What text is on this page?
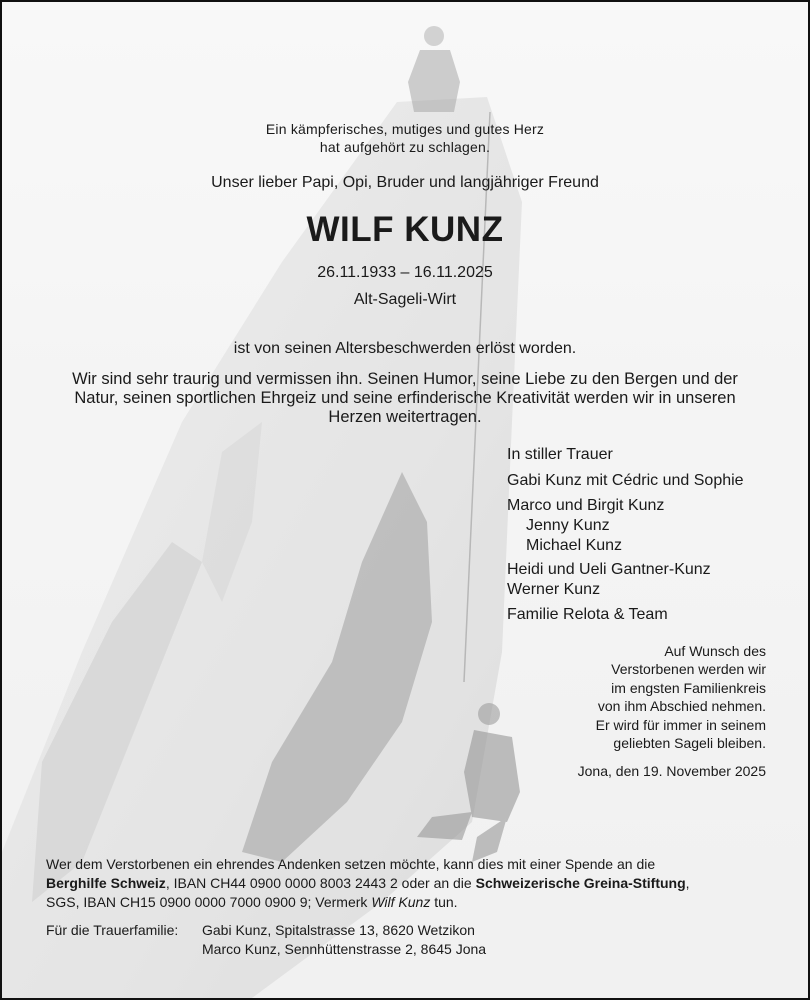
Ein kämpferisches, mutiges und gutes Herz

hat aufgehört zu schlagen.

Unser lieber Papi, Opi, Bruder und langjähriger Freund

WILF KUNZ

26.11.1933 – 16.11.2025

Alt-Sageli-Wirt

ist von seinen Altersbeschwerden erlöst worden.

Wir sind sehr traurig und vermissen ihn. Seinen Humor, seine Liebe zu den Bergen und der

Natur, seinen sportlichen Ehrgeiz und seine erfinderische Kreativität werden wir in unseren

Herzen weitertragen.

In stiller Trauer

Gabi Kunz mit Cédric und Sophie

Marco und Birgit Kunz

Jenny Kunz

Michael Kunz

Heidi und Ueli Gantner-Kunz

Werner Kunz

Familie Relota & Team

Auf Wunsch des

Verstorbenen werden wir

im engsten Familienkreis

von ihm Abschied nehmen.

Er wird für immer in seinem

geliebten Sageli bleiben.

Jona, den 19. November 2025

Wer dem Verstorbenen ein ehrendes Andenken setzen möchte, kann dies mit einer Spende an die

Berghilfe Schweiz, IBAN CH44 0900 0000 8003 2443 2 oder an die Schweizerische Greina-Stiftung,

SGS, IBAN CH15 0900 0000 7000 0900 9; Vermerk Wilf Kunz tun.

Für die Trauerfamilie: Gabi Kunz, Spitalstrasse 13, 8620 Wetzikon

Marco Kunz, Sennhüttenstrasse 2, 8645 Jona
